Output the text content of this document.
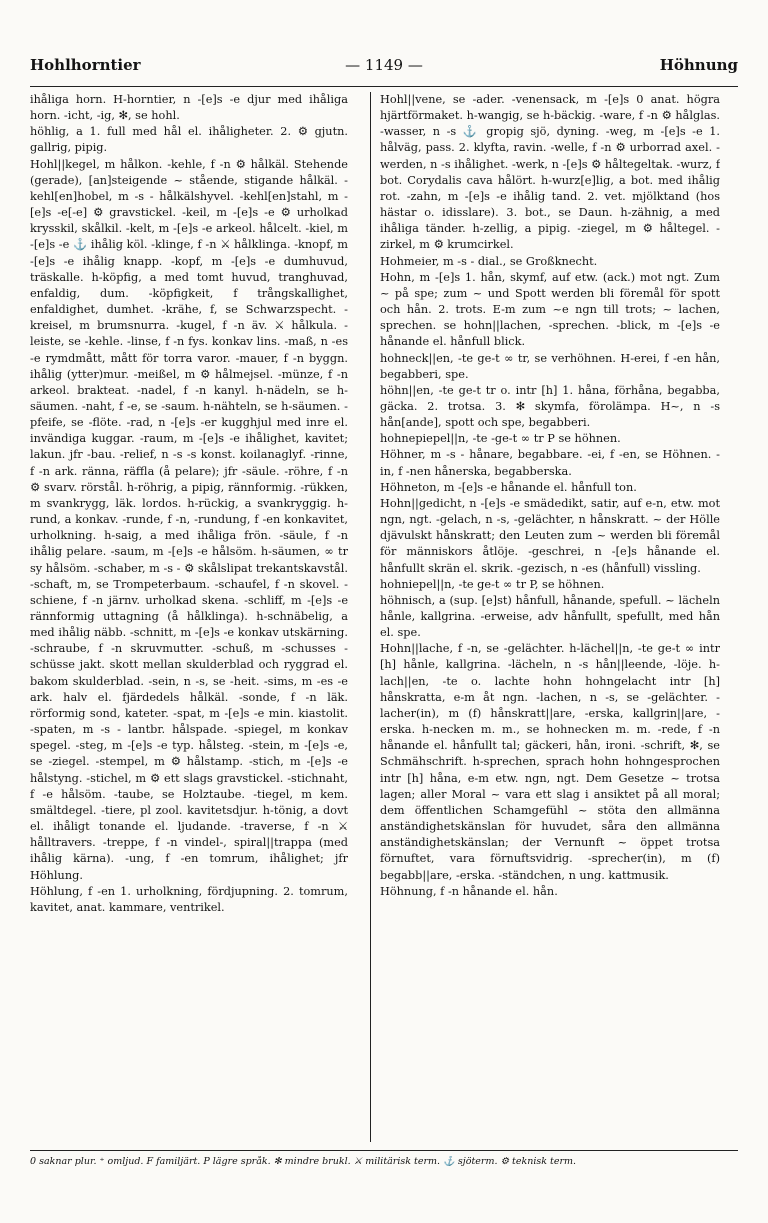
Hohlhorntier	— 1149 —	Höhnung

ihåliga horn. H-horntier, n -[e]s -e djur med ihåliga horn. -icht, -ig, ✻, se hohl.

höhlig, a 1. full med hål el. ihåligheter. 2. ⚙ gjutn. gallrig, pipig.

Hohl||kegel, m hålkon. -kehle, f -n ⚙ hålkäl. Stehende (gerade), [an]steigende ~ stående, stigande hålkäl. -kehl[en]hobel, m -s - hålkälshyvel. -kehl[en]stahl, m -[e]s -e[-e] ⚙ gravstickel. -keil, m -[e]s -e ⚙ urholkad krysskil, skålkil. -kelt, m -[e]s -e arkeol. hålcelt. -kiel, m -[e]s -e ⚓ ihålig köl. -klinge, f -n ⚔ hålklinga. -knopf, m -[e]s -e ihålig knapp. -kopf, m -[e]s -e dumhuvud, träskalle. h-köpfig, a med tomt huvud, tranghuvad, enfaldig, dum. -köpfigkeit, f trångskallighet, enfaldighet, dumhet. -krähe, f, se Schwarzspecht. -kreisel, m brumsnurra. -kugel, f -n äv. ⚔ hålkula. -leiste, se -kehle. -linse, f -n fys. konkav lins. -maß, n -es -e rymdmått, mått för torra varor. -mauer, f -n byggn. ihålig (ytter)mur. -meißel, m ⚙ hålmejsel. -münze, f -n arkeol. brakteat. -nadel, f -n kanyl. h-nädeln, se h-säumen. -naht, f -e, se -saum. h-nähteln, se h-säumen. -pfeife, se -flöte. -rad, n -[e]s -er kugghjul med inre el. invändiga kuggar. -raum, m -[e]s -e ihålighet, kavitet; lakun. jfr -bau. -relief, n -s -s konst. koilanaglyf. -rinne, f -n ark. ränna, räffla (å pelare); jfr -säule. -röhre, f -n ⚙ svarv. rörstål. h-röhrig, a pipig, rännformig. -rükken, m svankrygg, läk. lordos. h-rückig, a svankryggig. h-rund, a konkav. -runde, f -n, -rundung, f -en konkavitet, urholkning. h-saig, a med ihåliga frön. -säule, f -n ihålig pelare. -saum, m -[e]s -e hålsöm. h-säumen, ∞ tr sy hålsöm. -schaber, m -s - ⚙ skålslipat trekantskavstål. -schaft, m, se Trompeterbaum. -schaufel, f -n skovel. -schiene, f -n järnv. urholkad skena. -schliff, m -[e]s -e rännformig uttagning (å hålklinga). h-schnäbelig, a med ihålig näbb. -schnitt, m -[e]s -e konkav utskärning. -schraube, f -n skruvmutter. -schuß, m -schusses -schüsse jakt. skott mellan skulderblad och ryggrad el. bakom skulderblad. -sein, n -s, se -heit. -sims, m -es -e ark. halv el. fjärdedels hålkäl. -sonde, f -n läk. rörformig sond, kateter. -spat, m -[e]s -e min. kiastolit. -spaten, m -s - lantbr. hålspade. -spiegel, m konkav spegel. -steg, m -[e]s -e typ. hålsteg. -stein, m -[e]s -e, se -ziegel. -stempel, m ⚙ hålstamp. -stich, m -[e]s -e hålstyng. -stichel, m ⚙ ett slags gravstickel. -stichnaht, f -e hålsöm. -taube, se Holztaube. -tiegel, m kem. smältdegel. -tiere, pl zool. kavitetsdjur. h-tönig, a dovt el. ihåligt tonande el. ljudande. -traverse, f -n ⚔ hålltravers. -treppe, f -n vindel-, spiral||trappa (med ihålig kärna). -ung, f -en tomrum, ihålighet; jfr Höhlung.

Höhlung, f -en 1. urholkning, fördjupning. 2. tomrum, kavitet, anat. kammare, ventrikel.

Hohl||vene, se -ader. -venensack, m -[e]s 0 anat. högra hjärtförmaket. h-wangig, se h-bäckig. -ware, f -n ⚙ hålglas. -wasser, n -s ⚓ gropig sjö, dyning. -weg, m -[e]s -e 1. hålväg, pass. 2. klyfta, ravin. -welle, f -n ⚙ urborrad axel. -werden, n -s ihålighet. -werk, n -[e]s ⚙ håltegeltak. -wurz, f bot. Corydalis cava hålört. h-wurz[e]lig, a bot. med ihålig rot. -zahn, m -[e]s -e ihålig tand. 2. vet. mjölktand (hos hästar o. idisslare). 3. bot., se Daun. h-zähnig, a med ihåliga tänder. h-zellig, a pipig. -ziegel, m ⚙ håltegel. -zirkel, m ⚙ krumcirkel.

Hohmeier, m -s - dial., se Großknecht.

Hohn, m -[e]s 1. hån, skymf, auf etw. (ack.) mot ngt. Zum ~ på spe; zum ~ und Spott werden bli föremål för spott och hån. 2. trots. E-m zum ~e ngn till trots; ~ lachen, sprechen. se hohn||lachen, -sprechen. -blick, m -[e]s -e hånande el. hånfull blick.

hohneck||en, -te ge-t ∞ tr, se verhöhnen. H-erei, f -en hån, begabberi, spe.

höhn||en, -te ge-t tr o. intr [h] 1. håna, förhåna, begabba, gäcka. 2. trotsa. 3. ✻ skymfa, förolämpa. H~, n -s hån[ande], spott och spe, begabberi.

hohnepiepel||n, -te -ge-t ∞ tr P se höhnen.

Höhner, m -s - hånare, begabbare. -ei, f -en, se Höhnen. -in, f -nen hånerska, begabberska.

Höhneton, m -[e]s -e hånande el. hånfull ton.

Hohn||gedicht, n -[e]s -e smädedikt, satir, auf e-n, etw. mot ngn, ngt. -gelach, n -s, -gelächter, n hånskratt. ~ der Hölle djävulskt hånskratt; den Leuten zum ~ werden bli föremål för människors åtlöje. -geschrei, n -[e]s hånande el. hånfullt skrän el. skrik. -gezisch, n -es (hånfull) vissling.

hohniepel||n, -te ge-t ∞ tr P, se höhnen.

höhnisch, a (sup. [e]st) hånfull, hånande, spefull. ~ lächeln hånle, kallgrina. -erweise, adv hånfullt, spefullt, med hån el. spe.

Hohn||lache, f -n, se -gelächter. h-lächel||n, -te ge-t ∞ intr [h] hånle, kallgrina. -lächeln, n -s hån||leende, -löje. h-lach||en, -te o. lachte hohn hohngelacht intr [h] hånskratta, e-m åt ngn. -lachen, n -s, se -gelächter. -lacher(in), m (f) hånskratt||are, -erska, kallgrin||are, -erska. h-necken m. m., se hohnecken m. m. -rede, f -n hånande el. hånfullt tal; gäckeri, hån, ironi. -schrift, ✻, se Schmähschrift. h-sprechen, sprach hohn hohngesprochen intr [h] håna, e-m etw. ngn, ngt. Dem Gesetze ~ trotsa lagen; aller Moral ~ vara ett slag i ansiktet på all moral; dem öffentlichen Schamgefühl ~ stöta den allmänna anständighetskänslan för huvudet, såra den allmänna anständighetskänslan; der Vernunft ~ öppet trotsa förnuftet, vara förnuftsvidrig. -sprecher(in), m (f) begabb||are, -erska. -ständchen, n ung. kattmusik.

Höhnung, f -n hånande el. hån.

0 saknar plur. ⁺ omljud. F familjärt. P lägre språk. ✻ mindre brukl. ⚔ militärisk term. ⚓ sjöterm. ⚙ teknisk term.
